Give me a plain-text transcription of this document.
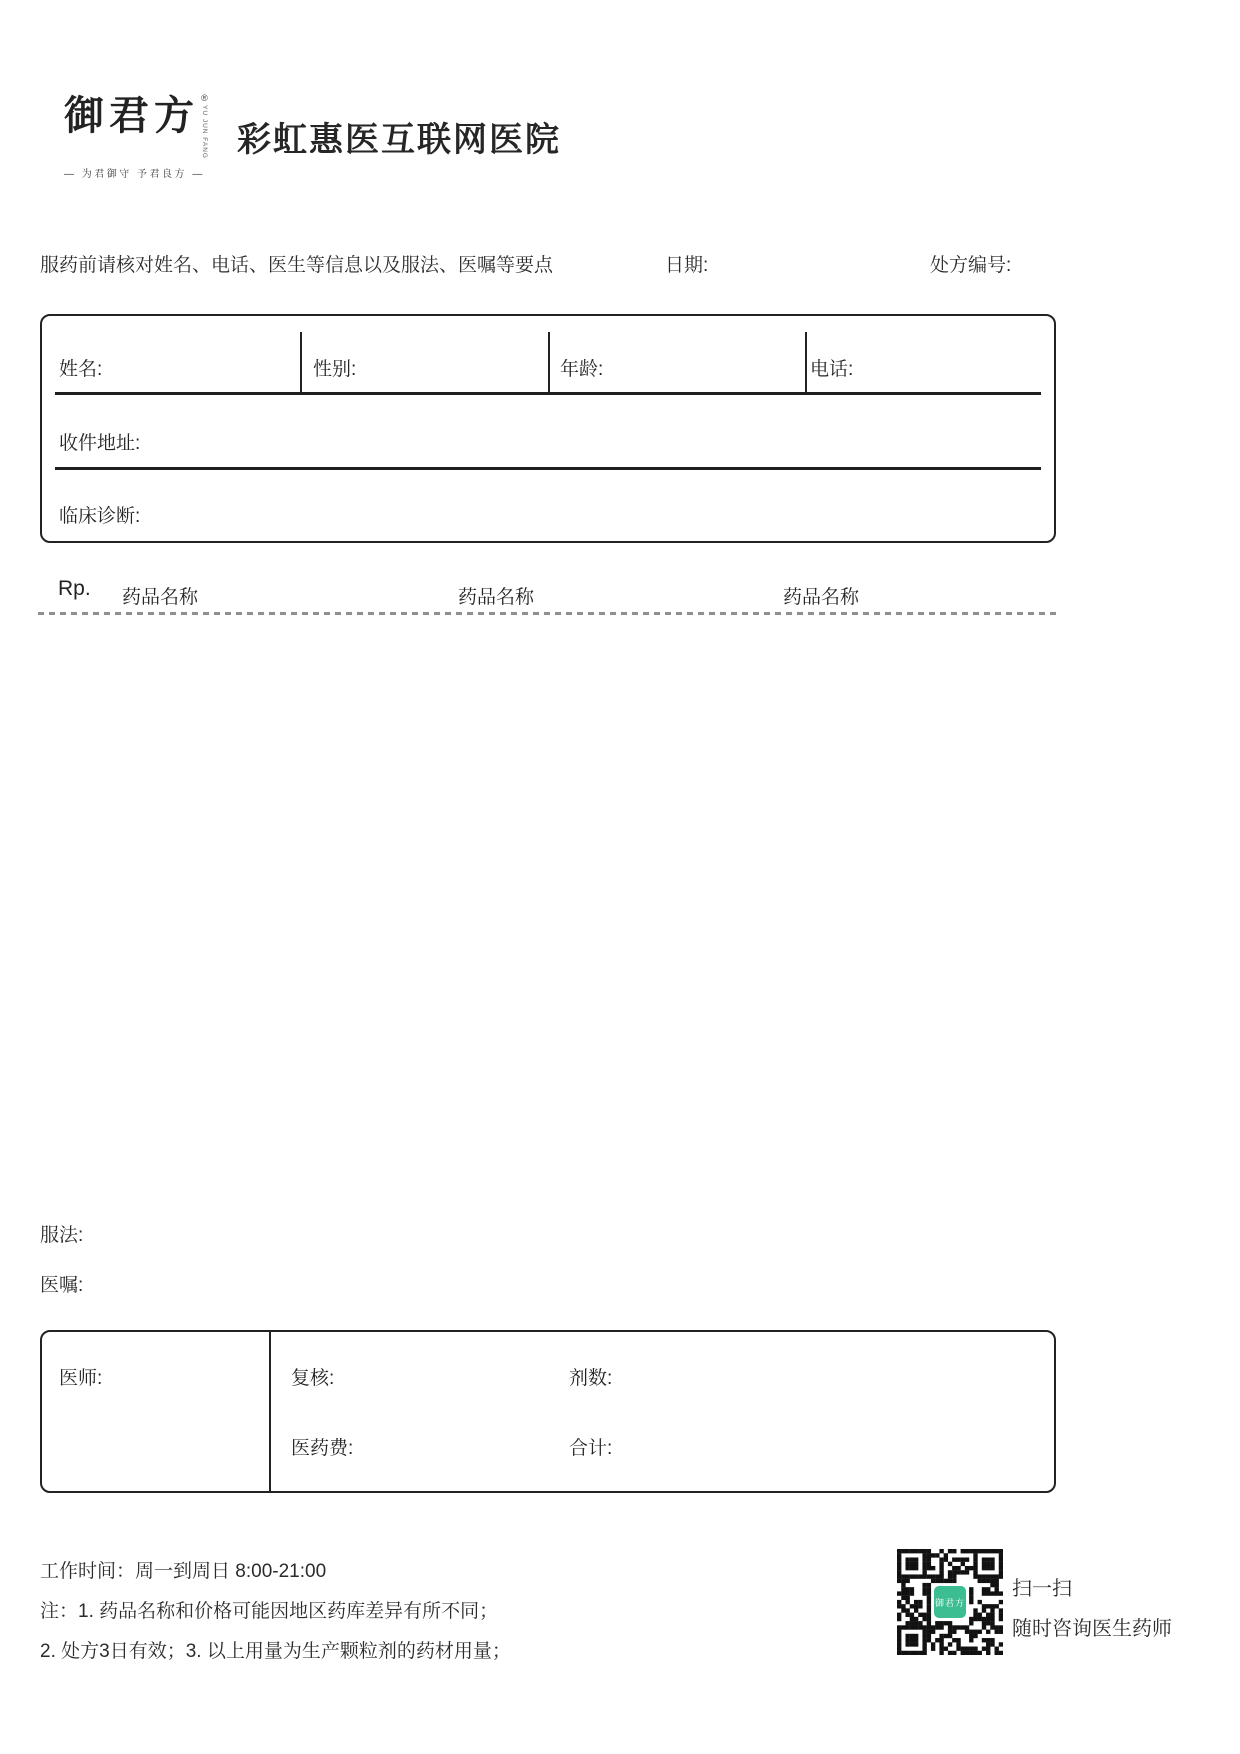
御君方 ®
YU JUN FANG
— 为君御守 予君良方 —
彩虹惠医互联网医院
服药前请核对姓名、电话、医生等信息以及服法、医嘱等要点	日期:	处方编号:
姓名:	性别:	年龄:	电话:
收件地址:
临床诊断:
Rp. 药品名称	药品名称	药品名称
服法:
医嘱:
医师:	复核:	剂数:
医药费:	合计:
工作时间：周一到周日 8:00-21:00
注：1. 药品名称和价格可能因地区药库差异有所不同；
2. 处方3日有效；3. 以上用量为生产颗粒剂的药材用量；
御君方
扫一扫
随时咨询医生药师
